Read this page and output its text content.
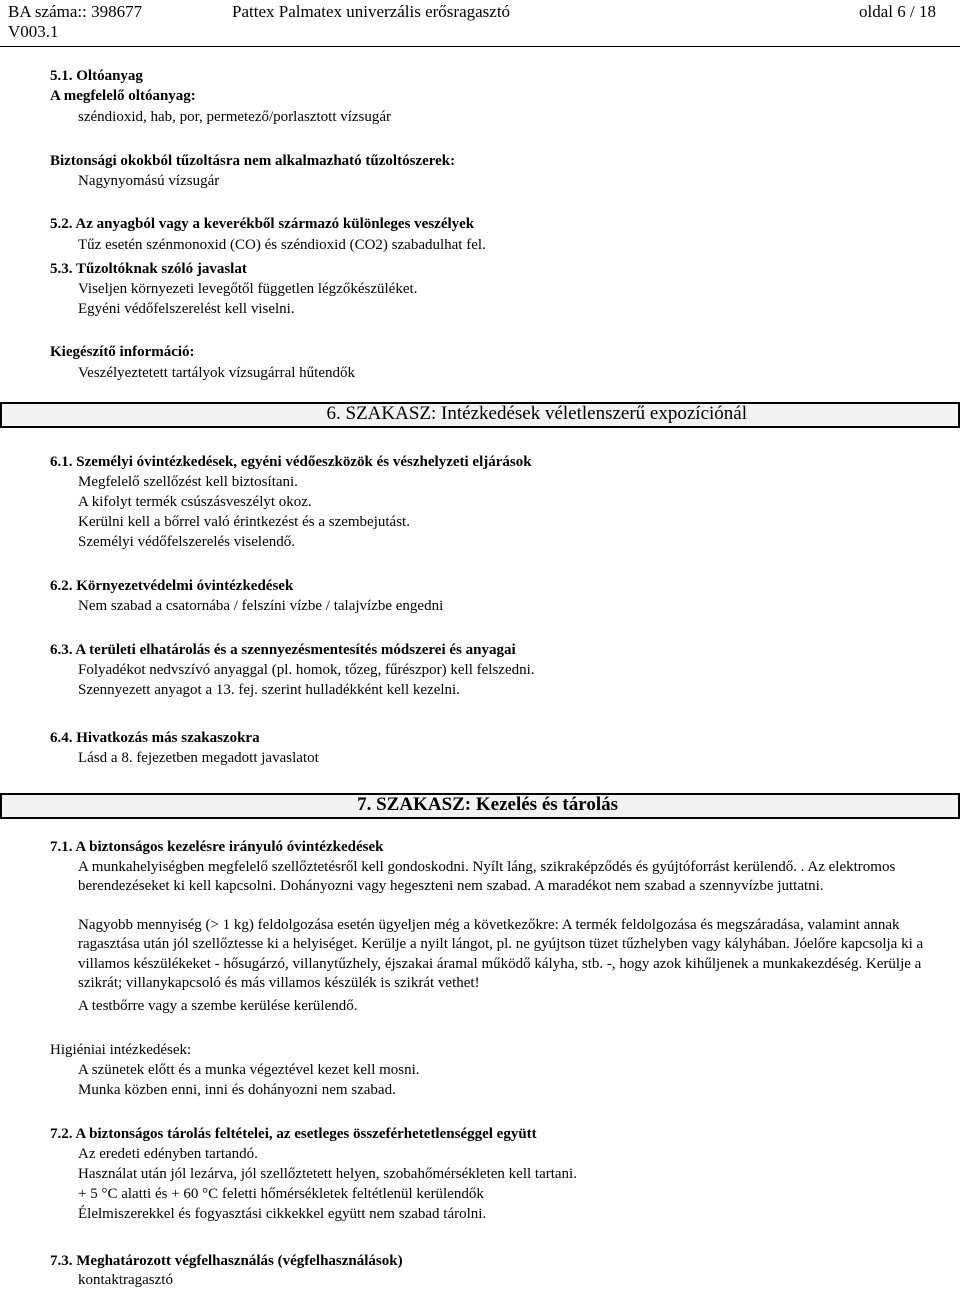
BA száma:: 398677
V003.1
Pattex Palmatex univerzális erősragasztó	oldal 6 / 18
5.1. Oltóanyag
A megfelelő oltóanyag:
széndioxid, hab, por, permetező/porlasztott vízsugár
Biztonsági okokból tűzoltásra nem alkalmazható tűzoltószerek:
Nagynyomású vízsugár
5.2. Az anyagból vagy a keverékből származó különleges veszélyek
Tűz esetén szénmonoxid (CO) és széndioxid (CO2) szabadulhat fel.
5.3. Tűzoltóknak szóló javaslat
Viseljen környezeti levegőtől független légzőkészüléket.
Egyéni védőfelszerelést kell viselni.
Kiegészítő információ:
Veszélyeztetett tartályok vízsugárral hűtendők
6. SZAKASZ: Intézkedések véletlenszerű expozíciónál
6.1. Személyi óvintézkedések, egyéni védőeszközök és vészhelyzeti eljárások
Megfelelő szellőzést kell biztosítani.
A kifolyt termék csúszásveszélyt okoz.
Kerülni kell a bőrrel való érintkezést és a szembejutást.
Személyi védőfelszerelés viselendő.
6.2. Környezetvédelmi óvintézkedések
Nem szabad a csatornába / felszíni vízbe / talajvízbe engedni
6.3. A területi elhatárolás és a szennyezésmentesítés módszerei és anyagai
Folyadékot nedvszívó anyaggal (pl. homok, tőzeg, fűrészpor) kell felszedni.
Szennyezett anyagot a 13. fej. szerint hulladékként kell kezelni.
6.4. Hivatkozás más szakaszokra
Lásd a 8. fejezetben megadott javaslatot
7. SZAKASZ: Kezelés és tárolás
7.1. A biztonságos kezelésre irányuló óvintézkedések
A munkahelyiségben megfelelő szellőztetésről kell gondoskodni. Nyílt láng, szikraképződés és gyújtóforrást kerülendő. . Az elektromos berendezéseket ki kell kapcsolni. Dohányozni vagy hegeszteni nem szabad. A maradékot nem szabad a szennyvízbe juttatni.
Nagyobb mennyiség (> 1 kg) feldolgozása esetén ügyeljen még a következőkre: A termék feldolgozása és megszáradása, valamint annak ragasztása után jól szellőztesse ki a helyiséget. Kerülje a nyilt lángot, pl. ne gyújtson tüzet tűzhelyben vagy kályhában. Jóelőre kapcsolja ki a villamos készülékeket - hősugárzó, villanytűzhely, éjszakai áramal működő kályha, stb. -, hogy azok kihűljenek a munkakezdéség. Kerülje a szikrát; villanykapcsoló és más villamos készülék is szikrát vethet!
A testbőrre vagy a szembe kerülése kerülendő.
Higiéniai intézkedések:
A szünetek előtt és a munka végeztével kezet kell mosni.
Munka közben enni, inni és dohányozni nem szabad.
7.2. A biztonságos tárolás feltételei, az esetleges összeférhetetlenséggel együtt
Az eredeti edényben tartandó.
Használat után jól lezárva, jól szellőztetett helyen, szobahőmérsékleten kell tartani.
+ 5 °C alatti és + 60 °C feletti hőmérsékletek feltétlenül kerülendők
Élelmiszerekkel és fogyasztási cikkekkel együtt nem szabad tárolni.
7.3. Meghatározott végfelhasználás (végfelhasználások)
kontaktragasztó
